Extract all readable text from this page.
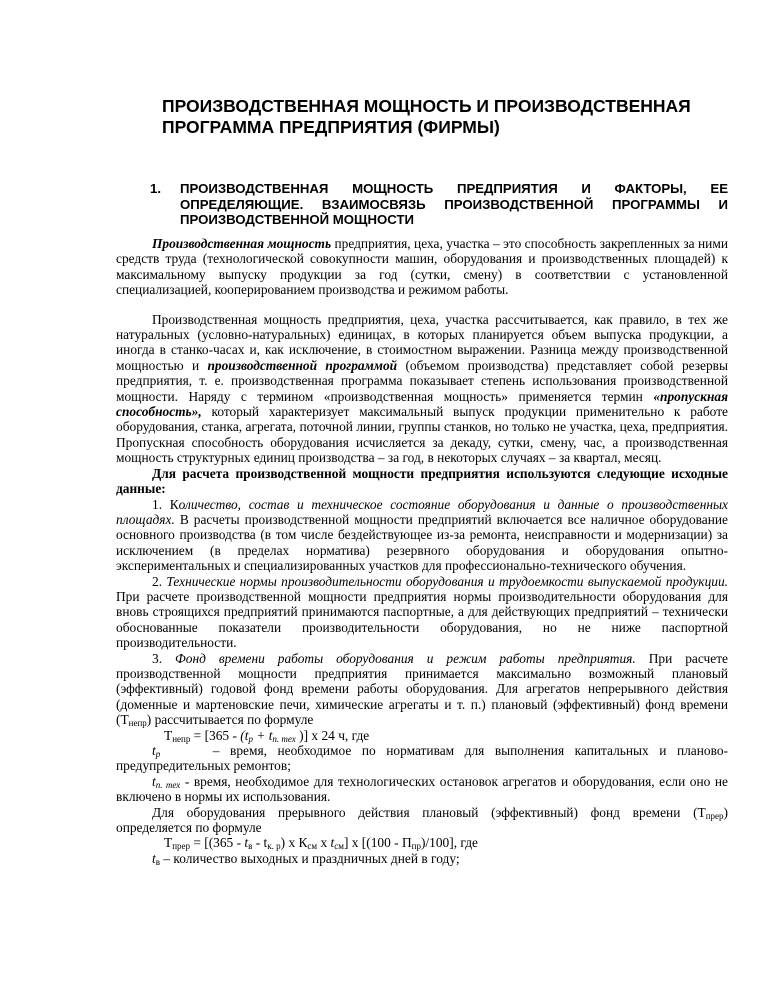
ПРОИЗВОДСТВЕННАЯ МОЩНОСТЬ И ПРОИЗВОДСТВЕННАЯ ПРОГРАММА ПРЕДПРИЯТИЯ (ФИРМЫ)
1. ПРОИЗВОДСТВЕННАЯ МОЩНОСТЬ ПРЕДПРИЯТИЯ И ФАКТОРЫ, ЕЕ ОПРЕДЕЛЯЮЩИЕ. ВЗАИМОСВЯЗЬ ПРОИЗВОДСТВЕННОЙ ПРОГРАММЫ И ПРОИЗВОДСТВЕННОЙ МОЩНОСТИ

Производственная мощность предприятия, цеха, участка – это способность закрепленных за ними средств труда (технологической совокупности машин, оборудования и производственных площадей) к максимальному выпуску продукции за год (сутки, смену) в соответствии с установленной специализацией, кооперированием производства и режимом работы.

Производственная мощность предприятия, цеха, участка рассчитывается, как правило, в тех же натуральных (условно-натуральных) единицах, в которых планируется объем выпуска продукции, а иногда в станко-часах и, как исключение, в стоимостном выражении. Разница между производственной мощностью и производственной программой (объемом производства) представляет собой резервы предприятия, т. е. производственная программа показывает степень использования производственной мощности. Наряду с термином «производственная мощность» применяется термин «пропускная способность», который характеризует максимальный выпуск продукции применительно к работе оборудования, станка, агрегата, поточной линии, группы станков, но только не участка, цеха, предприятия. Пропускная способность оборудования исчисляется за декаду, сутки, смену, час, а производственная мощность структурных единиц производства – за год, в некоторых случаях – за квартал, месяц.

Для расчета производственной мощности предприятия используются следующие исходные данные:

1. Количество, состав и техническое состояние оборудования и данные о производственных площадях. В расчеты производственной мощности предприятий включается все наличное оборудование основного производства (в том числе бездействующее из-за ремонта, неисправности и модернизации) за исключением (в пределах норматива) резервного оборудования и оборудования опытно-экспериментальных и специализированных участков для профессионально-технического обучения.

2. Технические нормы производительности оборудования и трудоемкости выпускаемой продукции. При расчете производственной мощности предприятия нормы производительности оборудования для вновь строящихся предприятий принимаются паспортные, а для действующих предприятий – технически обоснованные показатели производительности оборудования, но не ниже паспортной производительности.

3. Фонд времени работы оборудования и режим работы предприятия. При расчете производственной мощности предприятия принимается максимально возможный плановый (эффективный) годовой фонд времени работы оборудования. Для агрегатов непрерывного действия (доменные и мартеновские печи, химические агрегаты и т. п.) плановый (эффективный) фонд времени $(Т_{непр})$ рассчитывается по формуле

$Т_{непр} = [365 - (t_р + t_{п. тех}$ )] х 24 ч, где

$t_р$     – время, необходимое по нормативам для выполнения капитальных и планово-предупредительных ремонтов;

$t_{п. тех}$ - время, необходимое для технологических остановок агрегатов и оборудования, если оно не включено в нормы их использования.

Для оборудования прерывного действия плановый (эффективный) фонд времени $(Т_{прер})$ определяется по формуле

$Т_{прер} = [(365 - t_в - t_{к. р})$ х $К_{см}$ х $t_{см}$] х $[(100 - П_{пр})/100]$, где

$t_в$ – количество выходных и праздничных дней в году;
